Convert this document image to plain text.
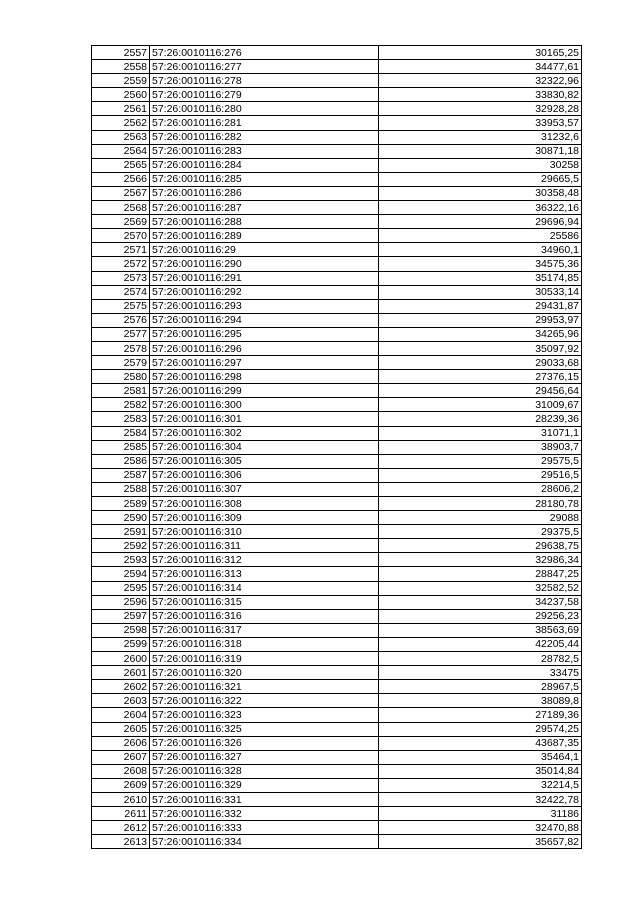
2557	57:26:0010116:276	30165,25
2558	57:26:0010116:277	34477,61
2559	57:26:0010116:278	32322,96
2560	57:26:0010116:279	33830,82
2561	57:26:0010116:280	32928,28
2562	57:26:0010116:281	33953,57
2563	57:26:0010116:282	31232,6
2564	57:26:0010116:283	30871,18
2565	57:26:0010116:284	30258
2566	57:26:0010116:285	29665,5
2567	57:26:0010116:286	30358,48
2568	57:26:0010116:287	36322,16
2569	57:26:0010116:288	29696,94
2570	57:26:0010116:289	25586
2571	57:26:0010116:29	34960,1
2572	57:26:0010116:290	34575,36
2573	57:26:0010116:291	35174,85
2574	57:26:0010116:292	30533,14
2575	57:26:0010116:293	29431,87
2576	57:26:0010116:294	29953,97
2577	57:26:0010116:295	34265,96
2578	57:26:0010116:296	35097,92
2579	57:26:0010116:297	29033,68
2580	57:26:0010116:298	27376,15
2581	57:26:0010116:299	29456,64
2582	57:26:0010116:300	31009,67
2583	57:26:0010116:301	28239,36
2584	57:26:0010116:302	31071,1
2585	57:26:0010116:304	38903,7
2586	57:26:0010116:305	29575,5
2587	57:26:0010116:306	29516,5
2588	57:26:0010116:307	28606,2
2589	57:26:0010116:308	28180,78
2590	57:26:0010116:309	29088
2591	57:26:0010116:310	29375,5
2592	57:26:0010116:311	29638,75
2593	57:26:0010116:312	32986,34
2594	57:26:0010116:313	28847,25
2595	57:26:0010116:314	32582,52
2596	57:26:0010116:315	34237,58
2597	57:26:0010116:316	29256,23
2598	57:26:0010116:317	38563,69
2599	57:26:0010116:318	42205,44
2600	57:26:0010116:319	28782,5
2601	57:26:0010116:320	33475
2602	57:26:0010116:321	28967,5
2603	57:26:0010116:322	38089,8
2604	57:26:0010116:323	27189,36
2605	57:26:0010116:325	29574,25
2606	57:26:0010116:326	43687,35
2607	57:26:0010116:327	35464,1
2608	57:26:0010116:328	35014,84
2609	57:26:0010116:329	32214,5
2610	57:26:0010116:331	32422,78
2611	57:26:0010116:332	31186
2612	57:26:0010116:333	32470,88
2613	57:26:0010116:334	35657,82
